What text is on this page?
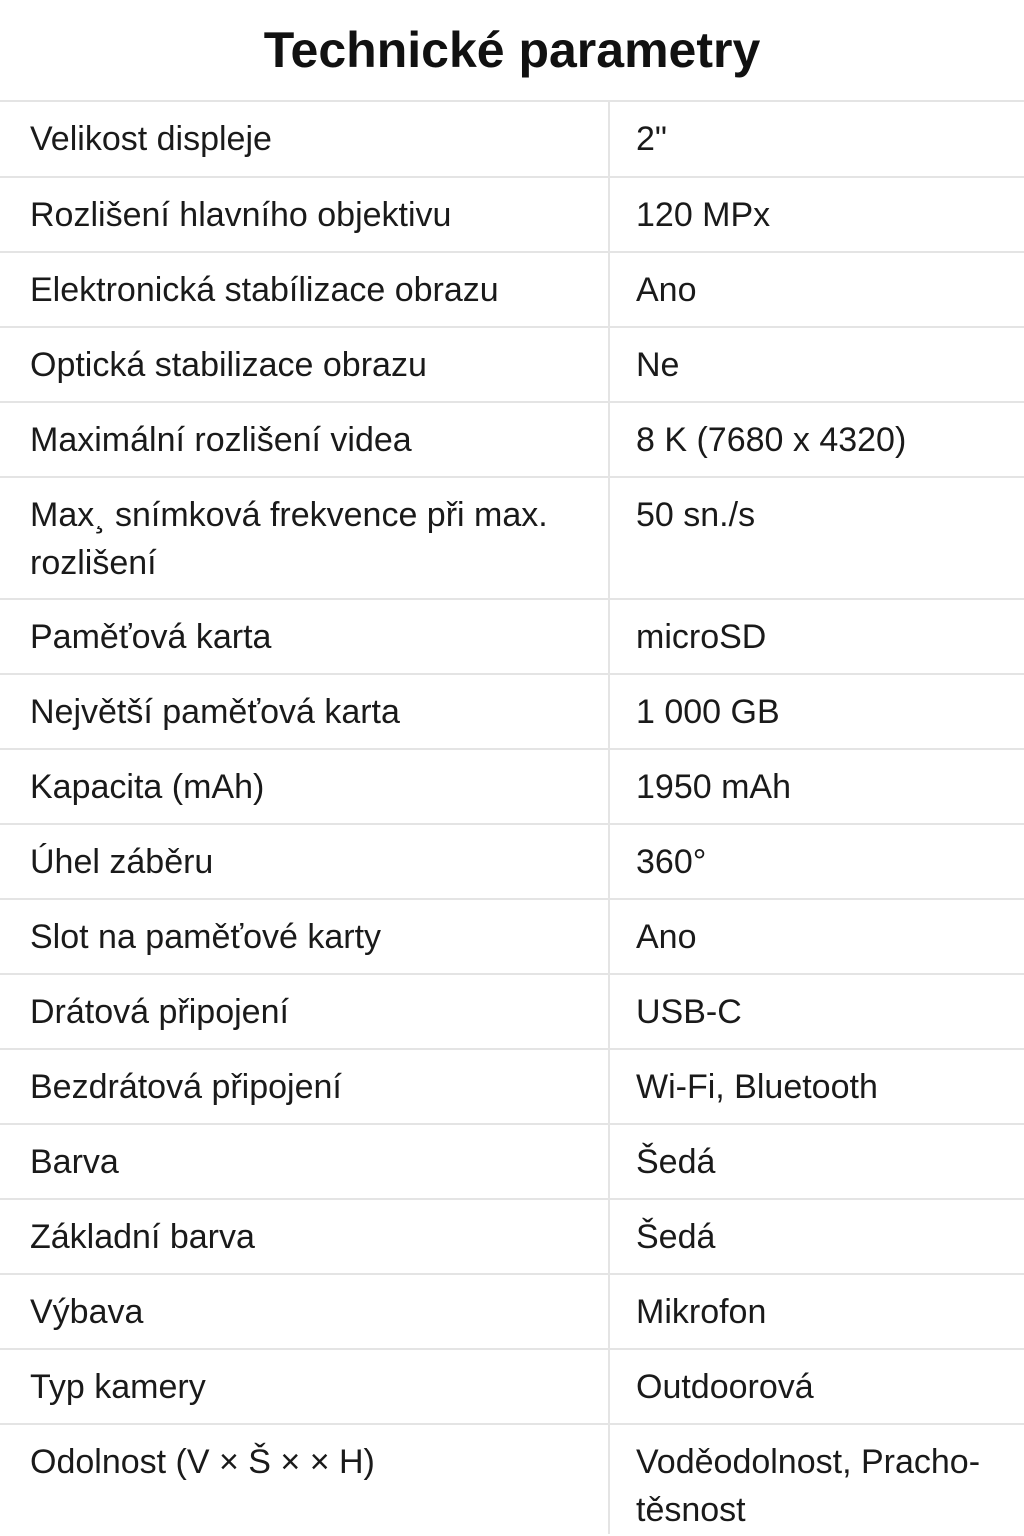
Technické parametry
Velikost displeje	2"
Rozlišení hlavního objektivu	120 MPx
Elektronická stabílizace obrazu	Ano
Optická stabilizace obrazu	Ne
Maximální rozlišení videa	8 K (7680 x 4320)
Max¸ snímková frekvence při max. rozlišení	50 sn./s
Paměťová karta	microSD
Největší paměťová karta	1 000 GB
Kapacita (mAh)	1950 mAh
Úhel záběru	360°
Slot na paměťové karty	Ano
Drátová připojení	USB-C
Bezdrátová připojení	Wi-Fi, Bluetooth
Barva	Šedá
Základní barva	Šedá
Výbava	Mikrofon
Typ kamery	Outdoorová
Odolnost (V × Š × × H)	Voděodolnost, Pracho- těsnost
